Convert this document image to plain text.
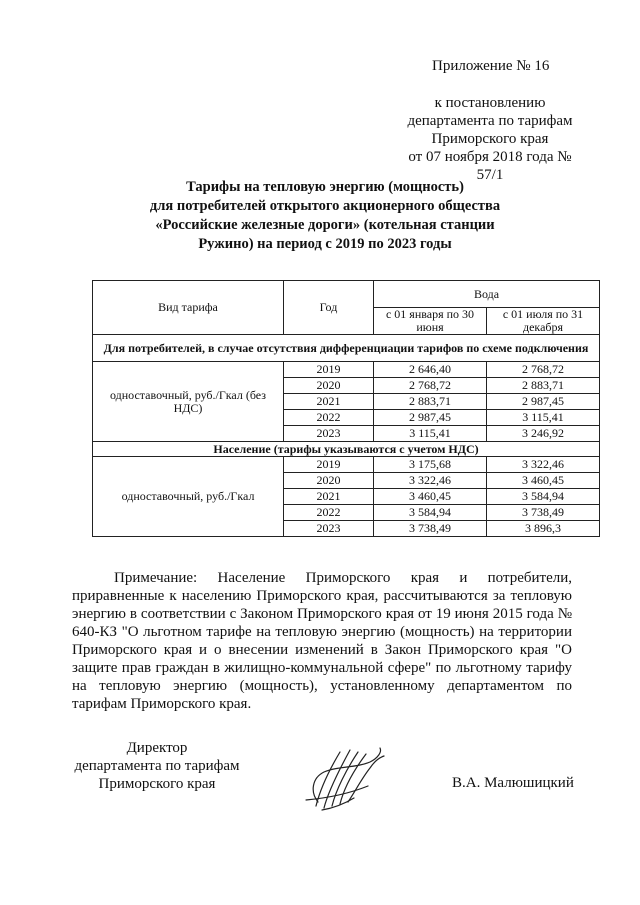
Приложение № 16
к постановлению
департамента по тарифам
Приморского края
от 07 ноября 2018 года № 57/1
Тарифы на тепловую энергию (мощность)
для потребителей открытого акционерного общества
«Российские железные дороги» (котельная станции
Ружино) на период с 2019 по 2023 годы
Вид тарифа	Год	Вода	
		с 01 января по 30 июня	с 01 июля по 31 декабря
Для потребителей, в случае отсутствия дифференциации тарифов по схеме подключения			
одноставочный, руб./Гкал (без НДС)	2019	2 646,40	2 768,72
	2020	2 768,72	2 883,71
	2021	2 883,71	2 987,45
	2022	2 987,45	3 115,41
	2023	3 115,41	3 246,92
Население (тарифы указываются с учетом НДС)			
одноставочный, руб./Гкал	2019	3 175,68	3 322,46
	2020	3 322,46	3 460,45
	2021	3 460,45	3 584,94
	2022	3 584,94	3 738,49
	2023	3 738,49	3 896,3
Примечание: Население Приморского края и потребители, приравненные к населению Приморского края, рассчитываются за тепловую энергию в соответствии с Законом Приморского края от 19 июня 2015 года № 640-КЗ "О льготном тарифе на тепловую энергию (мощность) на территории Приморского края и о внесении изменений в Закон Приморского края "О защите прав граждан в жилищно-коммунальной сфере" по льготному тарифу на тепловую энергию (мощность), установленному департаментом по тарифам Приморского края.
Директор
департамента по тарифам
Приморского края	В.А. Малюшицкий
